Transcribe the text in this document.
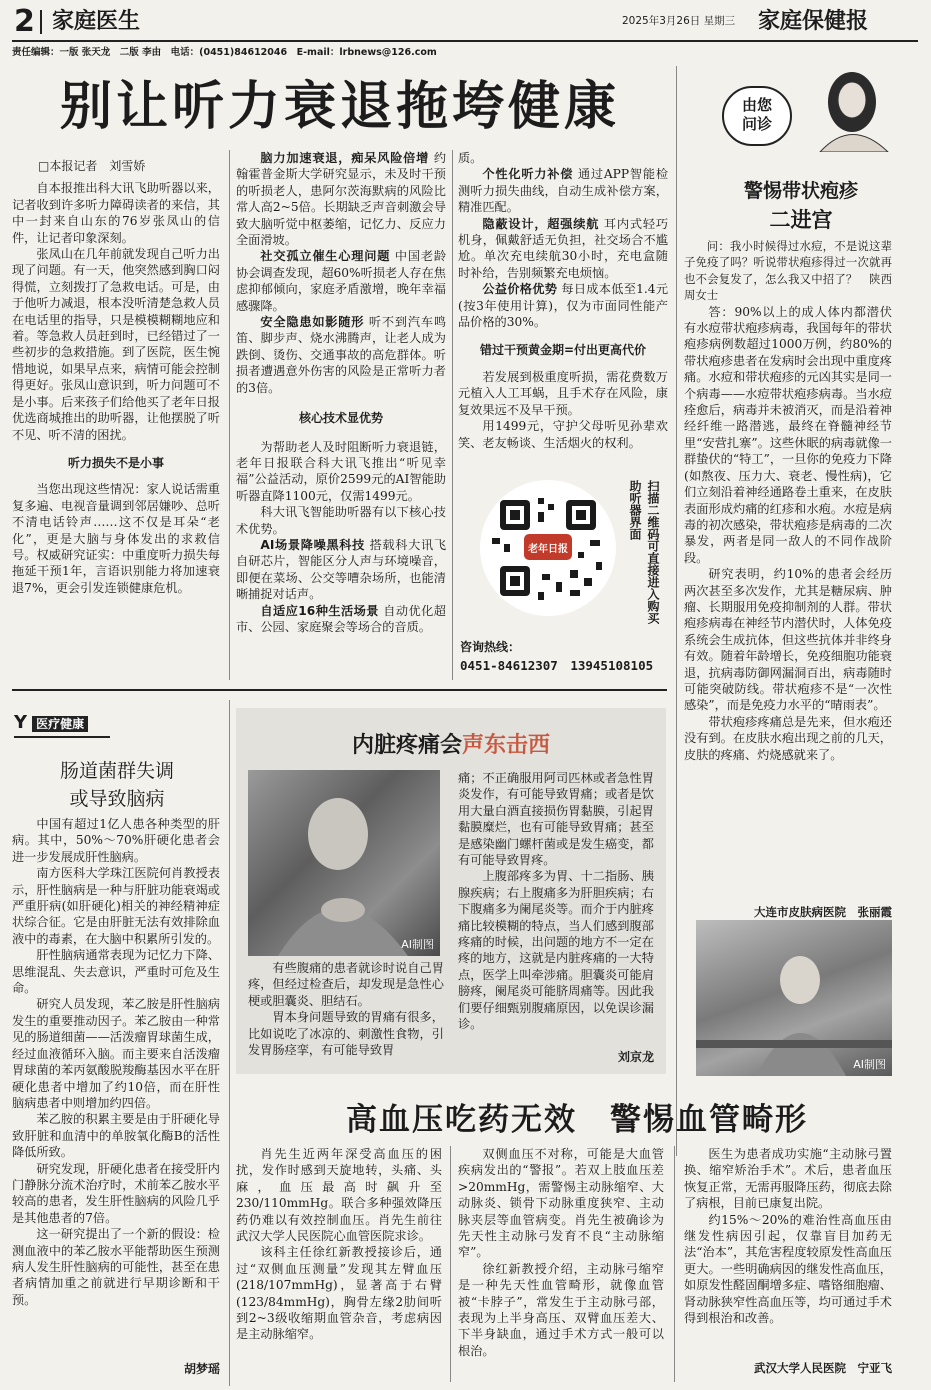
2 家庭医生	2025年3月26日 星期三 家庭保健报
责任编辑：一版 张天龙　二版 李由　电话：(0451)84612046　E-mail：lrbnews@126.com
别让听力衰退拖垮健康
□本报记者　刘雪娇

自本报推出科大讯飞助听器以来，记者收到许多听力障碍读者的来信，其中一封来自山东的76岁张凤山的信件，让记者印象深刻。

张凤山在几年前就发现自己听力出现了问题。有一天，他突然感到胸口闷得慌，立刻拨打了急救电话。可是，由于他听力减退，根本没听清楚急救人员在电话里的指导，只是模模糊糊地应和着。等急救人员赶到时，已经错过了一些初步的急救措施。到了医院，医生惋惜地说，如果早点来，病情可能会控制得更好。张凤山意识到，听力问题可不是小事。后来孩子们给他买了老年日报优选商城推出的助听器，让他摆脱了听不见、听不清的困扰。

听力损失不是小事

当您出现这些情况：家人说话需重复多遍、电视音量调到邻居嫌吵、总听不清电话铃声……这不仅是耳朵“老化”，更是大脑与身体发出的求救信号。权威研究证实：中重度听力损失每拖延干预1年，言语识别能力将加速衰退7%，更会引发连锁健康危机。

脑力加速衰退，痴呆风险倍增 约翰霍普金斯大学研究显示，未及时干预的听损老人，患阿尔茨海默病的风险比常人高2~5倍。长期缺乏声音刺激会导致大脑听觉中枢萎缩，记忆力、反应力全面滑坡。

社交孤立催生心理问题 中国老龄协会调查发现，超60%听损老人存在焦虑抑郁倾向，家庭矛盾激增，晚年幸福感骤降。

安全隐患如影随形 听不到汽车鸣笛、脚步声、烧水沸腾声，让老人成为跌倒、烫伤、交通事故的高危群体。听损者遭遇意外伤害的风险是正常听力者的3倍。

核心技术显优势

为帮助老人及时阻断听力衰退链，老年日报联合科大讯飞推出“听见幸福”公益活动，原价2599元的AI智能助听器直降1100元，仅需1499元。

科大讯飞智能助听器有以下核心技术优势。

AI场景降噪黑科技 搭载科大讯飞自研芯片，智能区分人声与环境噪音，即便在菜场、公交等嘈杂场所，也能清晰捕捉对话声。

自适应16种生活场景 自动优化超市、公园、家庭聚会等场合的音质。

质。

个性化听力补偿 通过APP智能检测听力损失曲线，自动生成补偿方案，精准匹配。

隐蔽设计，超强续航 耳内式轻巧机身，佩戴舒适无负担，社交场合不尴尬。单次充电续航30小时，充电盒随时补给，告别频繁充电烦恼。

公益价格优势 每日成本低至1.4元(按3年使用计算)，仅为市面同性能产品价格的30%。

错过干预黄金期=付出更高代价

若发展到极重度听损，需花费数万元植入人工耳蜗，且手术存在风险，康复效果远不及早干预。

用1499元，守护父母听见孙辈欢笑、老友畅谈、生活烟火的权利。

老年日报	扫描二维码可直接进入购买助听器界面
咨询热线：
0451-84612307　13945108105
由您问诊
警惕带状疱疹
二进宫

问：我小时候得过水痘，不是说这辈子免疫了吗？听说带状疱疹得过一次就再也不会复发了，怎么我又中招了？　陕西　周女士

答：90%以上的成人体内都潜伏有水痘带状疱疹病毒，我国每年的带状疱疹病例数超过1000万例，约80%的带状疱疹患者在发病时会出现中重度疼痛。水痘和带状疱疹的元凶其实是同一个病毒——水痘带状疱疹病毒。当水痘痊愈后，病毒并未被消灭，而是沿着神经纤维一路潜逃，最终在脊髓神经节里“安营扎寨”。这些休眠的病毒就像一群蛰伏的“特工”，一旦你的免疫力下降(如熬夜、压力大、衰老、慢性病)，它们立刻沿着神经通路卷土重来，在皮肤表面形成灼痛的红疹和水疱。水痘是病毒的初次感染，带状疱疹是病毒的二次暴发，两者是同一敌人的不同作战阶段。

研究表明，约10%的患者会经历两次甚至多次发作，尤其是糖尿病、肿瘤、长期服用免疫抑制剂的人群。带状疱疹病毒在神经节内潜伏时，人体免疫系统会生成抗体，但这些抗体并非终身有效。随着年龄增长，免疫细胞功能衰退，抗病毒防御网漏洞百出，病毒随时可能突破防线。带状疱疹不是“一次性感染”，而是免疫力水平的“晴雨表”。

带状疱疹疼痛总是先来，但水疱还没有到。在皮肤水疱出现之前的几天，皮肤的疼痛、灼烧感就来了。

大连市皮肤病医院　张丽霞
AI制图
Y 医疗健康
肠道菌群失调
或导致脑病

中国有超过1亿人患各种类型的肝病。其中，50%～70%肝硬化患者会进一步发展成肝性脑病。

南方医科大学珠江医院何肖教授表示，肝性脑病是一种与肝脏功能衰竭或严重肝病(如肝硬化)相关的神经精神症状综合征。它是由肝脏无法有效排除血液中的毒素，在大脑中积累所引发的。

肝性脑病通常表现为记忆力下降、思维混乱、失去意识，严重时可危及生命。

研究人员发现，苯乙胺是肝性脑病发生的重要推动因子。苯乙胺由一种常见的肠道细菌——活泼瘤胃球菌生成，经过血液循环入脑。而主要来自活泼瘤胃球菌的苯丙氨酸脱羧酶基因水平在肝硬化患者中增加了约10倍，而在肝性脑病患者中则增加约四倍。

苯乙胺的积累主要是由于肝硬化导致肝脏和血清中的单胺氧化酶B的活性降低所致。

研究发现，肝硬化患者在接受肝内门静脉分流术治疗时，术前苯乙胺水平较高的患者，发生肝性脑病的风险几乎是其他患者的7倍。

这一研究提出了一个新的假设：检测血液中的苯乙胺水平能帮助医生预测病人发生肝性脑病的可能性，甚至在患者病情加重之前就进行早期诊断和干预。

胡梦瑶
内脏疼痛会声东击西
AI制图

有些腹痛的患者就诊时说自己胃疼，但经过检查后，却发现是急性心梗或胆囊炎、胆结石。

胃本身问题导致的胃痛有很多，比如说吃了冰凉的、刺激性食物，引发胃肠痉挛，有可能导致胃

痛；不正确服用阿司匹林或者急性胃炎发作，有可能导致胃痛；或者是饮用大量白酒直接损伤胃黏膜，引起胃黏膜糜烂，也有可能导致胃痛；甚至是感染幽门螺杆菌或是发生癌变，都有可能导致胃疼。

上腹部疼多为胃、十二指肠、胰腺疾病；右上腹痛多为肝胆疾病；右下腹痛多为阑尾炎等。而介于内脏疼痛比较模糊的特点，当人们感到腹部疼痛的时候，出问题的地方不一定在疼的地方，这就是内脏疼痛的一大特点，医学上叫牵涉痛。胆囊炎可能肩膀疼，阑尾炎可能脐周痛等。因此我们要仔细甄别腹痛原因，以免误诊漏诊。

刘京龙
高血压吃药无效　警惕血管畸形

肖先生近两年深受高血压的困扰，发作时感到天旋地转，头痛、头麻，血压最高时飙升至230/110mmHg。联合多种强效降压药仍难以有效控制血压。肖先生前往武汉大学人民医院心血管医院求诊。

该科主任徐红新教授接诊后，通过“双侧血压测量”发现其左臂血压(218/107mmHg)，显著高于右臂(123/84mmHg)，胸骨左缘2肋间听到2~3级收缩期血管杂音，考虑病因是主动脉缩窄。

双侧血压不对称，可能是大血管疾病发出的“警报”。若双上肢血压差>20mmHg，需警惕主动脉缩窄、大动脉炎、锁骨下动脉重度狭窄、主动脉夹层等血管病变。肖先生被确诊为先天性主动脉弓发育不良“主动脉缩窄”。

徐红新教授介绍，主动脉弓缩窄是一种先天性血管畸形，就像血管被“卡脖子”，常发生于主动脉弓部，表现为上半身高压、双臂血压差大、下半身缺血，通过手术方式一般可以根治。

医生为患者成功实施“主动脉弓置换、缩窄矫治手术”。术后，患者血压恢复正常，无需再服降压药，彻底去除了病根，目前已康复出院。

约15%～20%的难治性高血压由继发性病因引起，仅靠盲目加药无法“治本”，其危害程度较原发性高血压更大。一些明确病因的继发性高血压，如原发性醛固酮增多症、嗜铬细胞瘤、肾动脉狭窄性高血压等，均可通过手术得到根治和改善。

武汉大学人民医院　宁亚飞
